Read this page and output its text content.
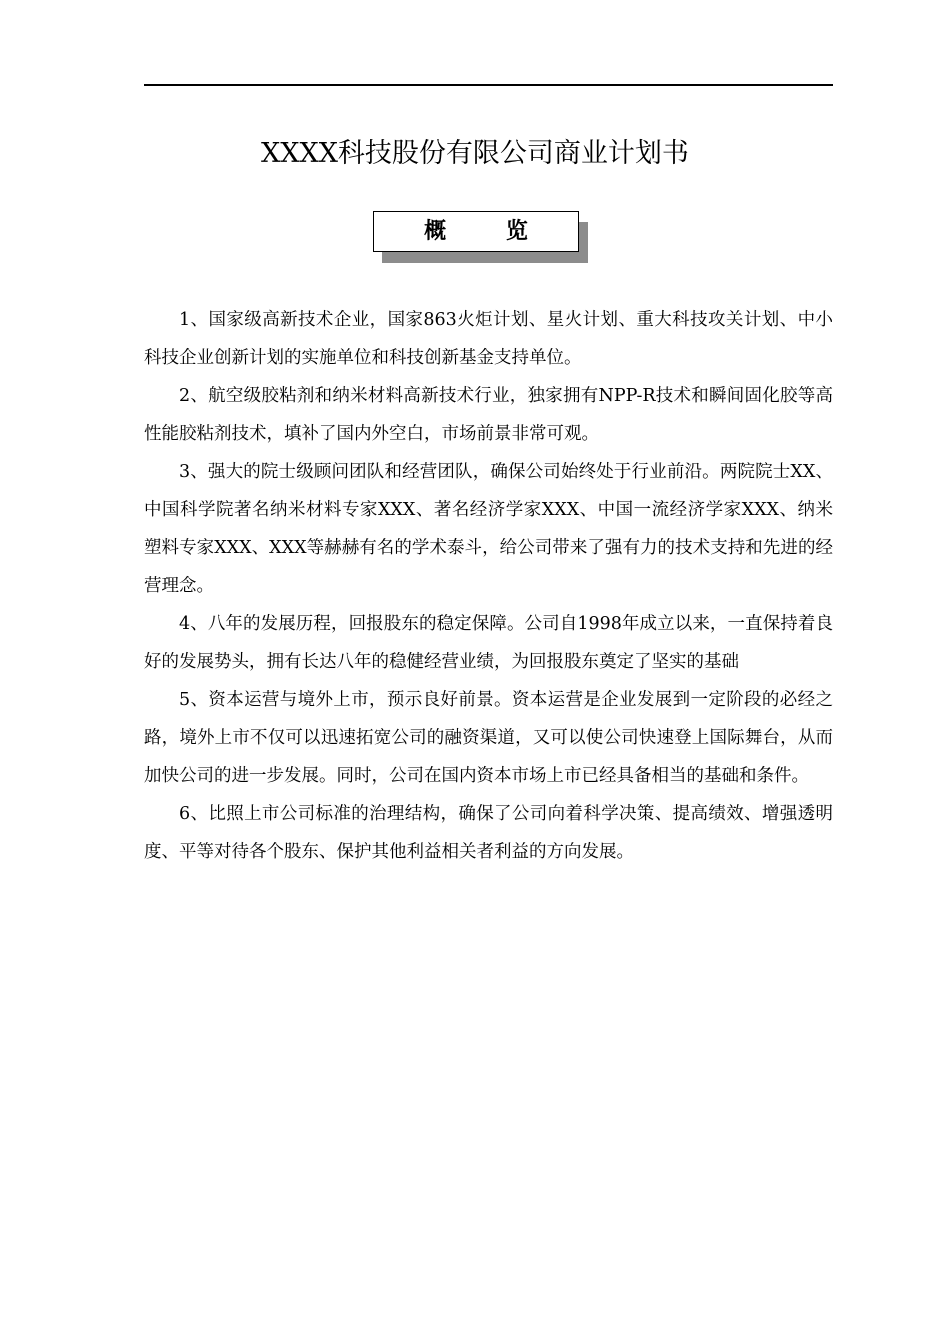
XXXX科技股份有限公司商业计划书
概 览

1、国家级高新技术企业，国家863火炬计划、星火计划、重大科技攻关计划、中小科技企业创新计划的实施单位和科技创新基金支持单位。

2、航空级胶粘剂和纳米材料高新技术行业，独家拥有NPP-R技术和瞬间固化胶等高性能胶粘剂技术，填补了国内外空白，市场前景非常可观。

3、强大的院士级顾问团队和经营团队，确保公司始终处于行业前沿。两院院士XX、中国科学院著名纳米材料专家XXX、著名经济学家XXX、中国一流经济学家XXX、纳米塑料专家XXX、XXX等赫赫有名的学术泰斗，给公司带来了强有力的技术支持和先进的经营理念。

4、八年的发展历程，回报股东的稳定保障。公司自1998年成立以来，一直保持着良好的发展势头，拥有长达八年的稳健经营业绩，为回报股东奠定了坚实的基础

5、资本运营与境外上市，预示良好前景。资本运营是企业发展到一定阶段的必经之路，境外上市不仅可以迅速拓宽公司的融资渠道，又可以使公司快速登上国际舞台，从而加快公司的进一步发展。同时，公司在国内资本市场上市已经具备相当的基础和条件。

6、比照上市公司标准的治理结构，确保了公司向着科学决策、提高绩效、增强透明度、平等对待各个股东、保护其他利益相关者利益的方向发展。
